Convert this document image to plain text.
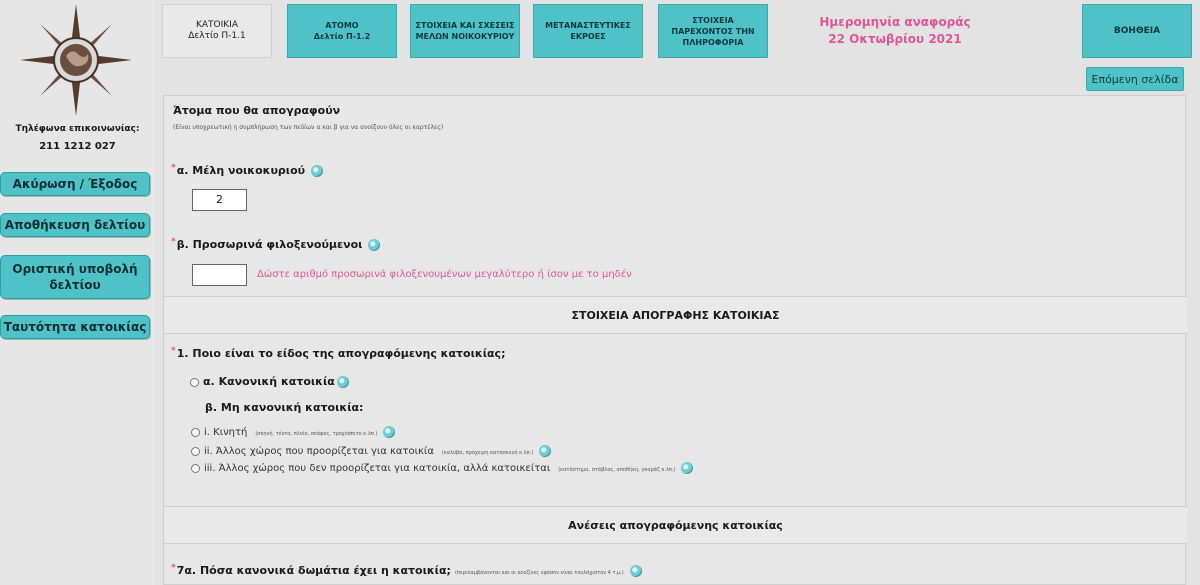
Τηλέφωνα επικοινωνίας:
211 1212 027
Ακύρωση / Έξοδος
Αποθήκευση δελτίου
Οριστική υποβολή δελτίου
Ταυτότητα κατοικίας
ΚΑΤΟΙΚΙΑ
Δελτίο Π-1.1
ΑΤΟΜΟ
Δελτίο Π-1.2
ΣΤΟΙΧΕΙΑ ΚΑΙ ΣΧΕΣΕΙΣ ΜΕΛΩΝ ΝΟΙΚΟΚΥΡΙΟΥ
ΜΕΤΑΝΑΣΤΕΥΤΙΚΕΣ ΕΚΡΟΕΣ
ΣΤΟΙΧΕΙΑ ΠΑΡΕΧΟΝΤΟΣ ΤΗΝ ΠΛΗΡΟΦΟΡΙΑ
Ημερομηνία αναφοράς
22 Οκτωβρίου 2021
ΒΟΗΘΕΙΑ
Επόμενη σελίδα
Άτομα που θα απογραφούν
(Είναι υποχρεωτική η συμπλήρωση των πεδίων α και β για να ανοίξουν όλες οι καρτέλες)
*α. Μέλη νοικοκυριού
2
*β. Προσωρινά φιλοξενούμενοι
Δώστε αριθμό προσωρινά φιλοξενουμένων μεγαλύτερο ή ίσον με το μηδέν
ΣΤΟΙΧΕΙΑ ΑΠΟΓΡΑΦΗΣ ΚΑΤΟΙΚΙΑΣ
*1. Ποιο είναι το είδος της απογραφόμενης κατοικίας;
α. Κανονική κατοικία
β. Μη κανονική κατοικία:
i. Κινητή (σκηνή, τέντα, πλοίο, σκάφος, τροχόσπιτο κ.λπ.)
ii. Άλλος χώρος που προορίζεται για κατοικία (καλύβα, πρόχειρη κατασκευή κ.λπ.)
iii. Άλλος χώρος που δεν προορίζεται για κατοικία, αλλά κατοικείται (κατάστημα, στάβλος, αποθήκη, γκαράζ κ.λπ.)
Ανέσεις απογραφόμενης κατοικίας
*7α. Πόσα κανονικά δωμάτια έχει η κατοικία; (περιλαμβάνονται και οι κουζίνες εφόσον είναι τουλάχιστον 4 τ.μ.)
